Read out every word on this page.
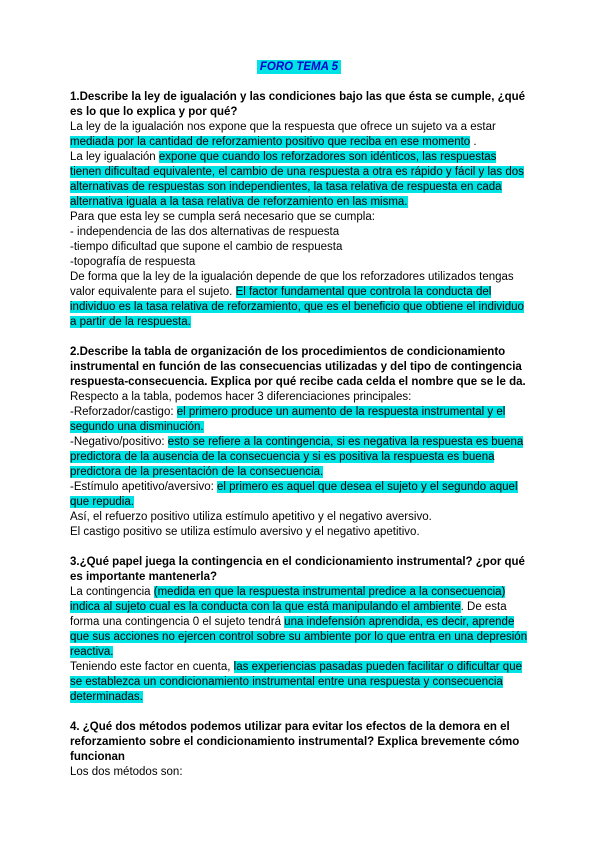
FORO TEMA 5

1.Describe la ley de igualación y las condiciones bajo las que ésta se cumple, ¿qué es lo que lo explica y por qué?

La ley de la igualación nos expone que la respuesta que ofrece un sujeto va a estar mediada por la cantidad de reforzamiento positivo que reciba en ese momento .

La ley igualación expone que cuando los reforzadores son idénticos, las respuestas tienen dificultad equivalente, el cambio de una respuesta a otra es rápido y fácil y las dos alternativas de respuestas son independientes, la tasa relativa de respuesta en cada alternativa iguala a la tasa relativa de reforzamiento en las misma.

Para que esta ley se cumpla será necesario que se cumpla:

- independencia de las dos alternativas de respuesta

-tiempo dificultad que supone el cambio de respuesta

-topografía de respuesta

De forma que la ley de la igualación depende de que los reforzadores utilizados tengas valor equivalente para el sujeto. El factor fundamental que controla la conducta del individuo es la tasa relativa de reforzamiento, que es el beneficio que obtiene el individuo a partir de la respuesta.

2.Describe la tabla de organización de los procedimientos de condicionamiento instrumental en función de las consecuencias utilizadas y del tipo de contingencia respuesta-consecuencia. Explica por qué recibe cada celda el nombre que se le da.

Respecto a la tabla, podemos hacer 3 diferenciaciones principales:

-Reforzador/castigo: el primero produce un aumento de la respuesta instrumental y el segundo una disminución.

-Negativo/positivo: esto se refiere a la contingencia, si es negativa la respuesta es buena predictora de la ausencia de la consecuencia y si es positiva la respuesta es buena predictora de la presentación de la consecuencia.

-Estímulo apetitivo/aversivo: el primero es aquel que desea el sujeto y el segundo aquel que repudia.

Así, el refuerzo positivo utiliza estímulo apetitivo y el negativo aversivo.

El castigo positivo se utiliza estímulo aversivo y el negativo apetitivo.

3.¿Qué papel juega la contingencia en el condicionamiento instrumental? ¿por qué es importante mantenerla?

La contingencia (medida en que la respuesta instrumental predice a la consecuencia) indica al sujeto cual es la conducta con la que está manipulando el ambiente. De esta forma una contingencia 0 el sujeto tendrá una indefensión aprendida, es decir, aprende que sus acciones no ejercen control sobre su ambiente por lo que entra en una depresión reactiva.

Teniendo este factor en cuenta, las experiencias pasadas pueden facilitar o dificultar que se establezca un condicionamiento instrumental entre una respuesta y consecuencia determinadas.

4. ¿Qué dos métodos podemos utilizar para evitar los efectos de la demora en el reforzamiento sobre el condicionamiento instrumental? Explica brevemente cómo funcionan

Los dos métodos son:
